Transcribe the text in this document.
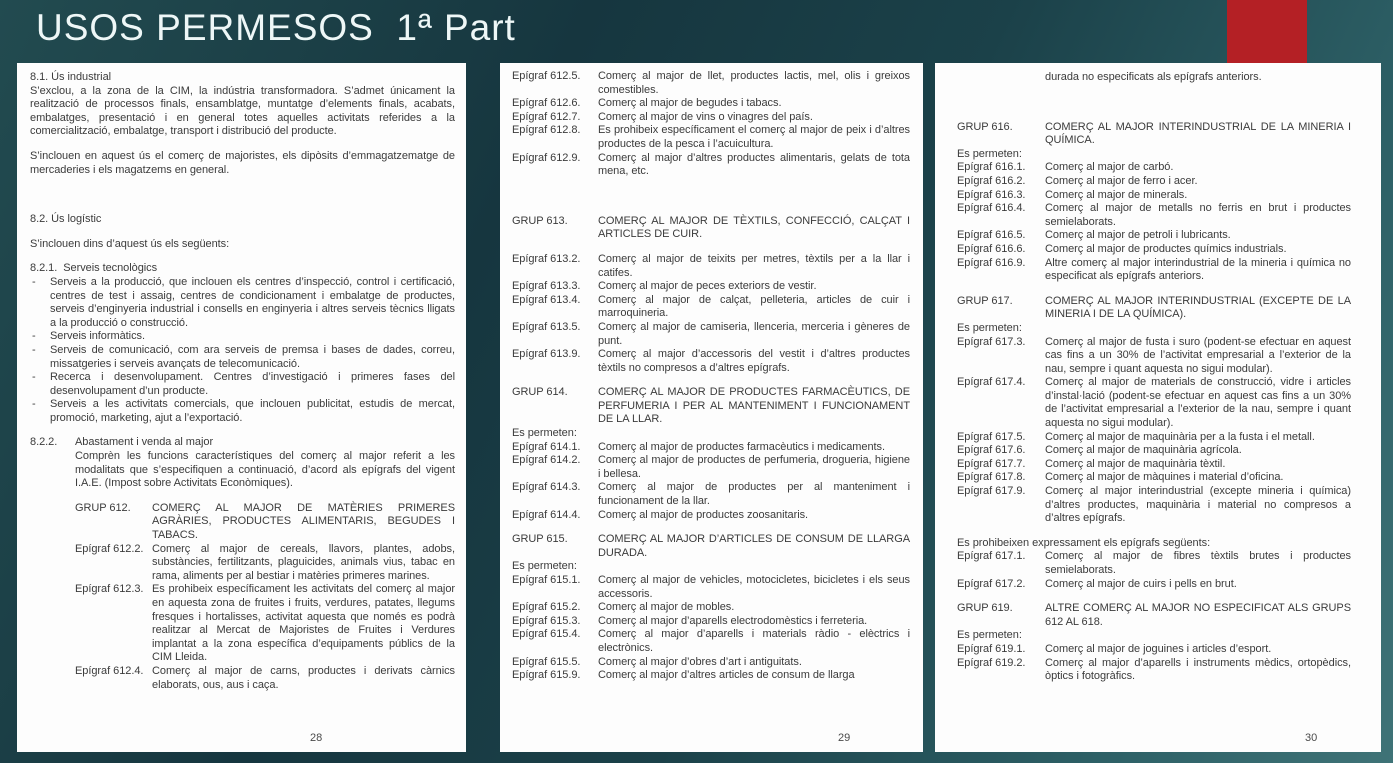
USOS PERMESOS  1ª Part
8.1. Ús industrial
S’exclou, a la zona de la CIM, la indústria transformadora. S’admet únicament la realització de processos finals, ensamblatge, muntatge d’elements finals, acabats, embalatges, presentació i en general totes aquelles activitats referides a la comercialització, embalatge, transport i distribució del producte.
S’inclouen en aquest ús el comerç de majoristes, els dipòsits d’emmagatzematge de mercaderies i els magatzems en general.
8.2. Ús logístic
S’inclouen dins d’aquest ús els següents:
8.2.1.  Serveis tecnològics
-	Serveis a la producció, que inclouen els centres d’inspecció, control i certificació, centres de test i assaig, centres de condicionament i embalatge de productes, serveis d’enginyeria industrial i consells en enginyeria i altres serveis tècnics lligats a la producció o construcció.
-	Serveis informàtics.
-	Serveis de comunicació, com ara serveis de premsa i bases de dades, correu, missatgeries i serveis avançats de telecomunicació.
-	Recerca i desenvolupament. Centres d’investigació i primeres fases del desenvolupament d’un producte.
-	Serveis a les activitats comercials, que inclouen publicitat, estudis de mercat, promoció, marketing, ajut a l’exportació.
8.2.2.	Abastament i venda al major
Comprèn les funcions característiques del comerç al major referit a les modalitats que s’especifiquen a continuació, d’acord als epígrafs del vigent I.A.E. (Impost sobre Activitats Econòmiques).
GRUP 612.	COMERÇ AL MAJOR DE MATÈRIES PRIMERES AGRÀRIES, PRODUCTES ALIMENTARIS, BEGUDES I TABACS.
Epígraf 612.2. Comerç al major de cereals, llavors, plantes, adobs, substàncies, fertilitzants, plaguicides, animals vius, tabac en rama, aliments per al bestiar i matèries primeres marines.
Epígraf 612.3. Es prohibeix específicament les activitats del comerç al major en aquesta zona de fruites i fruits, verdures, patates, llegums fresques i hortalisses, activitat aquesta que només es podrà realitzar al Mercat de Majoristes de Fruites i Verdures implantat a la zona específica d’equipaments públics de la CIM Lleida.
Epígraf 612.4. Comerç al major de carns, productes i derivats càrnics elaborats, ous, aus i caça.
28
Epígraf 612.5.	Comerç al major de llet, productes lactis, mel, olis i greixos comestibles.
Epígraf 612.6.	Comerç al major de begudes i tabacs.
Epígraf 612.7.	Comerç al major de vins o vinagres del país.
Epígraf 612.8.	Es prohibeix específicament el comerç al major de peix i d’altres productes de la pesca i l’acuicultura.
Epígraf 612.9.	Comerç al major d’altres productes alimentaris, gelats de tota mena, etc.
GRUP 613.	COMERÇ AL MAJOR DE TÈXTILS, CONFECCIÓ, CALÇAT I ARTICLES DE CUIR.
Epígraf 613.2.	Comerç al major de teixits per metres, tèxtils per a la llar i catifes.
Epígraf 613.3.	Comerç al major de peces exteriors de vestir.
Epígraf 613.4.	Comerç al major de calçat, pelleteria, articles de cuir i marroquineria.
Epígraf 613.5.	Comerç al major de camiseria, llenceria, merceria i gèneres de punt.
Epígraf 613.9.	Comerç al major d’accessoris del vestit i d’altres productes tèxtils no compresos a d’altres epígrafs.
GRUP 614.	COMERÇ AL MAJOR DE PRODUCTES FARMACÈUTICS, DE PERFUMERIA I PER AL MANTENIMENT I FUNCIONAMENT DE LA LLAR.
Es permeten:
Epígraf 614.1.	Comerç al major de productes farmacèutics i medicaments.
Epígraf 614.2.	Comerç al major de productes de perfumeria, drogueria, higiene i bellesa.
Epígraf 614.3.	Comerç al major de productes per al manteniment i funcionament de la llar.
Epígraf 614.4.	Comerç al major de productes zoosanitaris.
GRUP 615.	COMERÇ AL MAJOR D’ARTICLES DE CONSUM DE LLARGA DURADA.
Es permeten:
Epígraf 615.1.	Comerç al major de vehicles, motocicletes, bicicletes i els seus accessoris.
Epígraf 615.2.	Comerç al major de mobles.
Epígraf 615.3.	Comerç al major d’aparells electrodomèstics i ferreteria.
Epígraf 615.4.	Comerç al major d’aparells i materials ràdio - elèctrics i electrònics.
Epígraf 615.5.	Comerç al major d’obres d’art i antiguitats.
Epígraf 615.9.	Comerç al major d’altres articles de consum de llarga
29
durada no especificats als epígrafs anteriors.
GRUP 616.	COMERÇ AL MAJOR INTERINDUSTRIAL DE LA MINERIA I QUÍMICA.
Es permeten:
Epígraf 616.1.	Comerç al major de carbó.
Epígraf 616.2.	Comerç al major de ferro i acer.
Epígraf 616.3.	Comerç al major de minerals.
Epígraf 616.4.	Comerç al major de metalls no ferris en brut i productes semielaborats.
Epígraf 616.5.	Comerç al major de petroli i lubricants.
Epígraf 616.6.	Comerç al major de productes químics industrials.
Epígraf 616.9.	Altre comerç al major interindustrial de la mineria i química no especificat als epígrafs anteriors.
GRUP 617.	COMERÇ AL MAJOR INTERINDUSTRIAL (EXCEPTE DE LA MINERIA I DE LA QUÍMICA).
Es permeten:
Epígraf 617.3.	Comerç al major de fusta i suro (podent-se efectuar en aquest cas fins a un 30% de l’activitat empresarial a l’exterior de la nau, sempre i quant aquesta no sigui modular).
Epígraf 617.4.	Comerç al major de materials de construcció, vidre i articles d’instal·lació (podent-se efectuar en aquest cas fins a un 30% de l’activitat empresarial a l’exterior de la nau, sempre i quant aquesta no sigui modular).
Epígraf 617.5.	Comerç al major de maquinària per a la fusta i el metall.
Epígraf 617.6.	Comerç al major de maquinària agrícola.
Epígraf 617.7.	Comerç al major de maquinària tèxtil.
Epígraf 617.8.	Comerç al major de màquines i material d’oficina.
Epígraf 617.9.	Comerç al major interindustrial (excepte mineria i química) d’altres productes, maquinària i material no compresos a d’altres epígrafs.
Es prohibeixen expressament els epígrafs següents:
Epígraf 617.1.	Comerç al major de fibres tèxtils brutes i productes semielaborats.
Epígraf 617.2.	Comerç al major de cuirs i pells en brut.
GRUP 619.	ALTRE COMERÇ AL MAJOR NO ESPECIFICAT ALS GRUPS 612 AL 618.
Es permeten:
Epígraf 619.1.	Comerç al major de joguines i articles d’esport.
Epígraf 619.2.	Comerç al major d’aparells i instruments mèdics, ortopèdics, òptics i fotogràfics.
30
